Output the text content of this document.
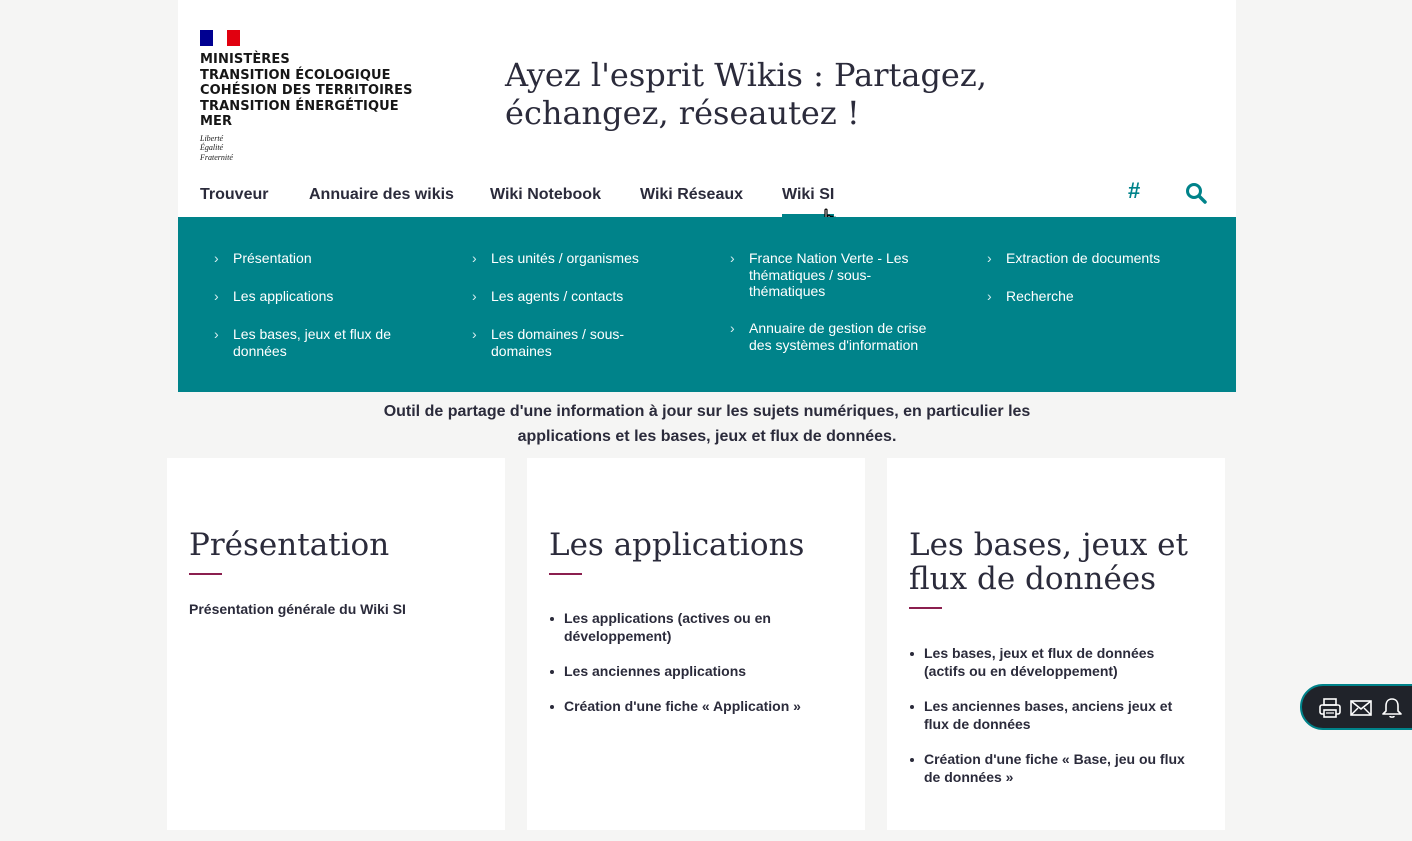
MINISTÈRES
TRANSITION ÉCOLOGIQUE
COHÉSION DES TERRITOIRES
TRANSITION ÉNERGÉTIQUE
MER
Liberté
Égalité
Fraternité
Ayez l'esprit Wikis : Partagez,
échangez, réseautez !
Trouveur	Annuaire des wikis Wiki Notebook Wiki Réseaux Wiki SI	#
› Présentation
› Les applications
› Les bases, jeux et flux de
données
› Les unités / organismes
› Les agents / contacts
› Les domaines / sous-
domaines
› France Nation Verte - Les
thématiques / sous-
thématiques
› Annuaire de gestion de crise
des systèmes d'information
› Extraction de documents
› Recherche

Outil de partage d'une information à jour sur les sujets numériques, en particulier les
applications et les bases, jeux et flux de données.

Présentation
Présentation générale du Wiki SI
Les applications
Les applications (actives ou en
développement)
Les anciennes applications
Création d'une fiche « Application »
Les bases, jeux et
flux de données
Les bases, jeux et flux de données
(actifs ou en développement)
Les anciennes bases, anciens jeux et
flux de données
Création d'une fiche « Base, jeu ou flux
de données »
